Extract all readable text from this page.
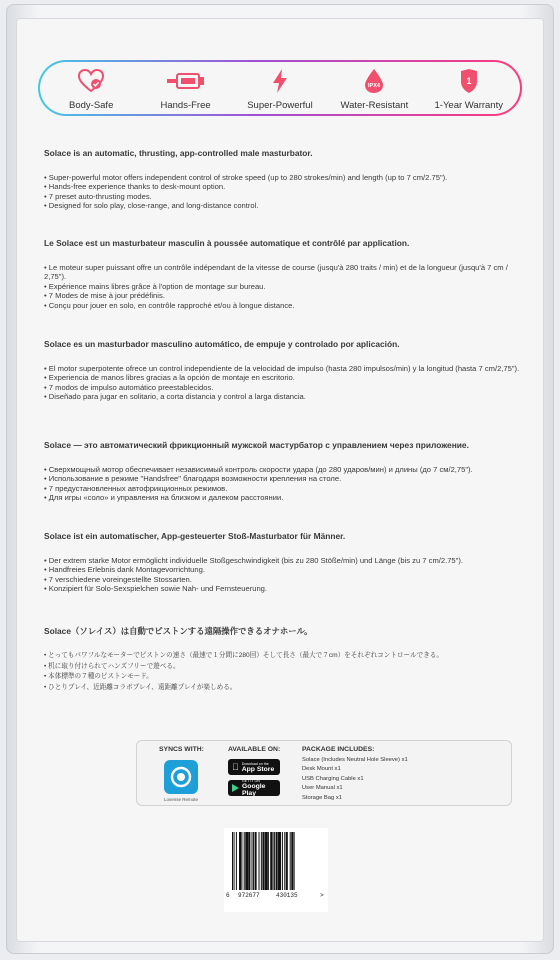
Body-Safe	Hands-Free	Super-Powerful
IPX4
Water-Resistant
1
1-Year Warranty

Solace is an automatic, thrusting, app-controlled male masturbator.

• Super-powerful motor offers independent control of stroke speed (up to 280 strokes/min) and length (up to 7 cm/2.75").
• Hands-free experience thanks to desk-mount option.
• 7 preset auto-thrusting modes.
• Designed for solo play, close-range, and long-distance control.

Le Solace est un masturbateur masculin à poussée automatique et contrôlé par application.

• Le moteur super puissant offre un contrôle indépendant de la vitesse de course (jusqu'à 280 traits / min) et de la longueur (jusqu'à 7 cm / 2,75").
• Expérience mains libres grâce à l'option de montage sur bureau.
• 7 Modes de mise à jour prédéfinis.
• Conçu pour jouer en solo, en contrôle rapproché et/ou à longue distance.

Solace es un masturbador masculino automático, de empuje y controlado por aplicación.

• El motor superpotente ofrece un control independiente de la velocidad de impulso (hasta 280 impulsos/min) y la longitud (hasta 7 cm/2,75").
• Experiencia de manos libres gracias a la opción de montaje en escritorio.
• 7 modos de impulso automático preestablecidos.
• Diseñado para jugar en solitario, a corta distancia y control a larga distancia.

Solace — это автоматический фрикционный мужской мастурбатор с управлением через приложение.

• Сверхмощный мотор обеспечивает независимый контроль скорости удара (до 280 ударов/мин) и длины (до 7 см/2,75").
• Использование в режиме "Handsfree" благодаря возможности крепления на столе.
• 7 предустановленных автофрикционных режимов.
• Для игры «соло» и управления на близком и далеком расстоянии.

Solace ist ein automatischer, App-gesteuerter Stoß-Masturbator für Männer.

• Der extrem starke Motor ermöglicht individuelle Stoßgeschwindigkeit (bis zu 280 Stöße/min) und Länge (bis zu 7 cm/2.75").
• Handfreies Erlebnis dank Montagevorrichtung.
• 7 verschiedene voreingestellte Stossarten.
• Konzipiert für Solo-Sexspielchen sowie Nah- und Fernsteuerung.

Solace（ソレイス）は自動でピストンする遠隔操作できるオナホール。

• とってもパワフルなモーターでピストンの速さ（最速で１分間に280回）そして長さ（最大で７cm）をそれぞれコントロールできる。
• 机に取り付けられてハンズフリーで遊べる。
• 本体標準の７種のピストンモード。
• ひとりプレイ、近距離コラボプレイ、遠距離プレイが楽しめる。
SYNCS WITH:
Lovense Remote
AVAILABLE ON:
Download on the
App Store
GET IT ON
Google Play
PACKAGE INCLUDES:
Solace (Includes Neutral Hole Sleeve) x1
Desk Mount x1
USB Charging Cable x1
User Manual x1
Storage Bag x1
6 972677	430135	>
